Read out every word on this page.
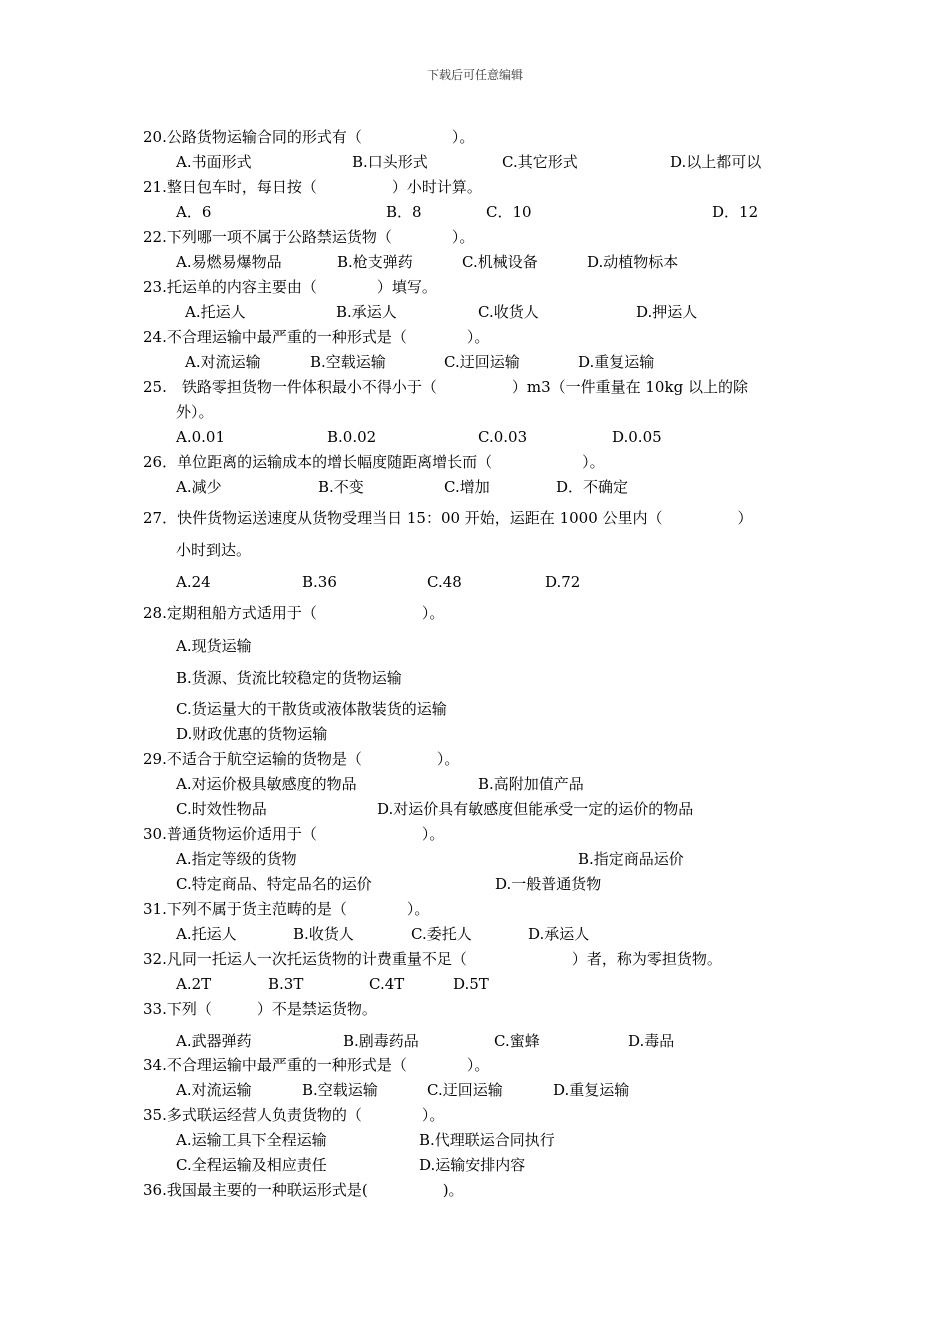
下载后可任意编辑
20.公路货物运输合同的形式有（　　　　　　）。
A.书面形式	B.口头形式	C.其它形式	D.以上都可以
21.整日包车时，每日按（　　　　　）小时计算。
A．6	B．8	C．10	D．12
22.下列哪一项不属于公路禁运货物（　　　　）。
A.易燃易爆物品	B.枪支弹药	C.机械设备	D.动植物标本
23.托运单的内容主要由（　　　　）填写。
A.托运人	B.承运人	C.收货人	D.押运人
24.不合理运输中最严重的一种形式是（　　　　）。
A.对流运输	B.空载运输	C.迂回运输	D.重复运输
25.　铁路零担货物一件体积最小不得小于（　　　　　）m3（一件重量在 10kg 以上的除
外）。
A.0.01	B.0.02	C.0.03	D.0.05
26．单位距离的运输成本的增长幅度随距离增长而（　　　　　　）。
A.减少	B.不变	C.增加	D．不确定
27．快件货物运送速度从货物受理当日 15：00 开始，运距在 1000 公里内（　　　　　）
小时到达。
A.24	B.36	C.48	D.72
28.定期租船方式适用于（　　　　　　　）。
A.现货运输
B.货源、货流比较稳定的货物运输
C.货运量大的干散货或液体散装货的运输
D.财政优惠的货物运输
29.不适合于航空运输的货物是（　　　　　）。
A.对运价极具敏感度的物品	B.高附加值产品
C.时效性物品	D.对运价具有敏感度但能承受一定的运价的物品
30.普通货物运价适用于（　　　　　　　）。
A.指定等级的货物	B.指定商品运价
C.特定商品、特定品名的运价	D.一般普通货物
31.下列不属于货主范畴的是（　　　　）。
A.托运人	B.收货人	C.委托人	D.承运人
32.凡同一托运人一次托运货物的计费重量不足（　　　　　　　）者，称为零担货物。
A.2T	B.3T	C.4T	D.5T
33.下列（　　　）不是禁运货物。
A.武器弹药	B.剧毒药品	C.蜜蜂	D.毒品
34.不合理运输中最严重的一种形式是（　　　　）。
A.对流运输	B.空载运输	C.迂回运输	D.重复运输
35.多式联运经营人负责货物的（　　　　）。
A.运输工具下全程运输	B.代理联运合同执行
C.全程运输及相应责任	D.运输安排内容
36.我国最主要的一种联运形式是(　　　　　)。
